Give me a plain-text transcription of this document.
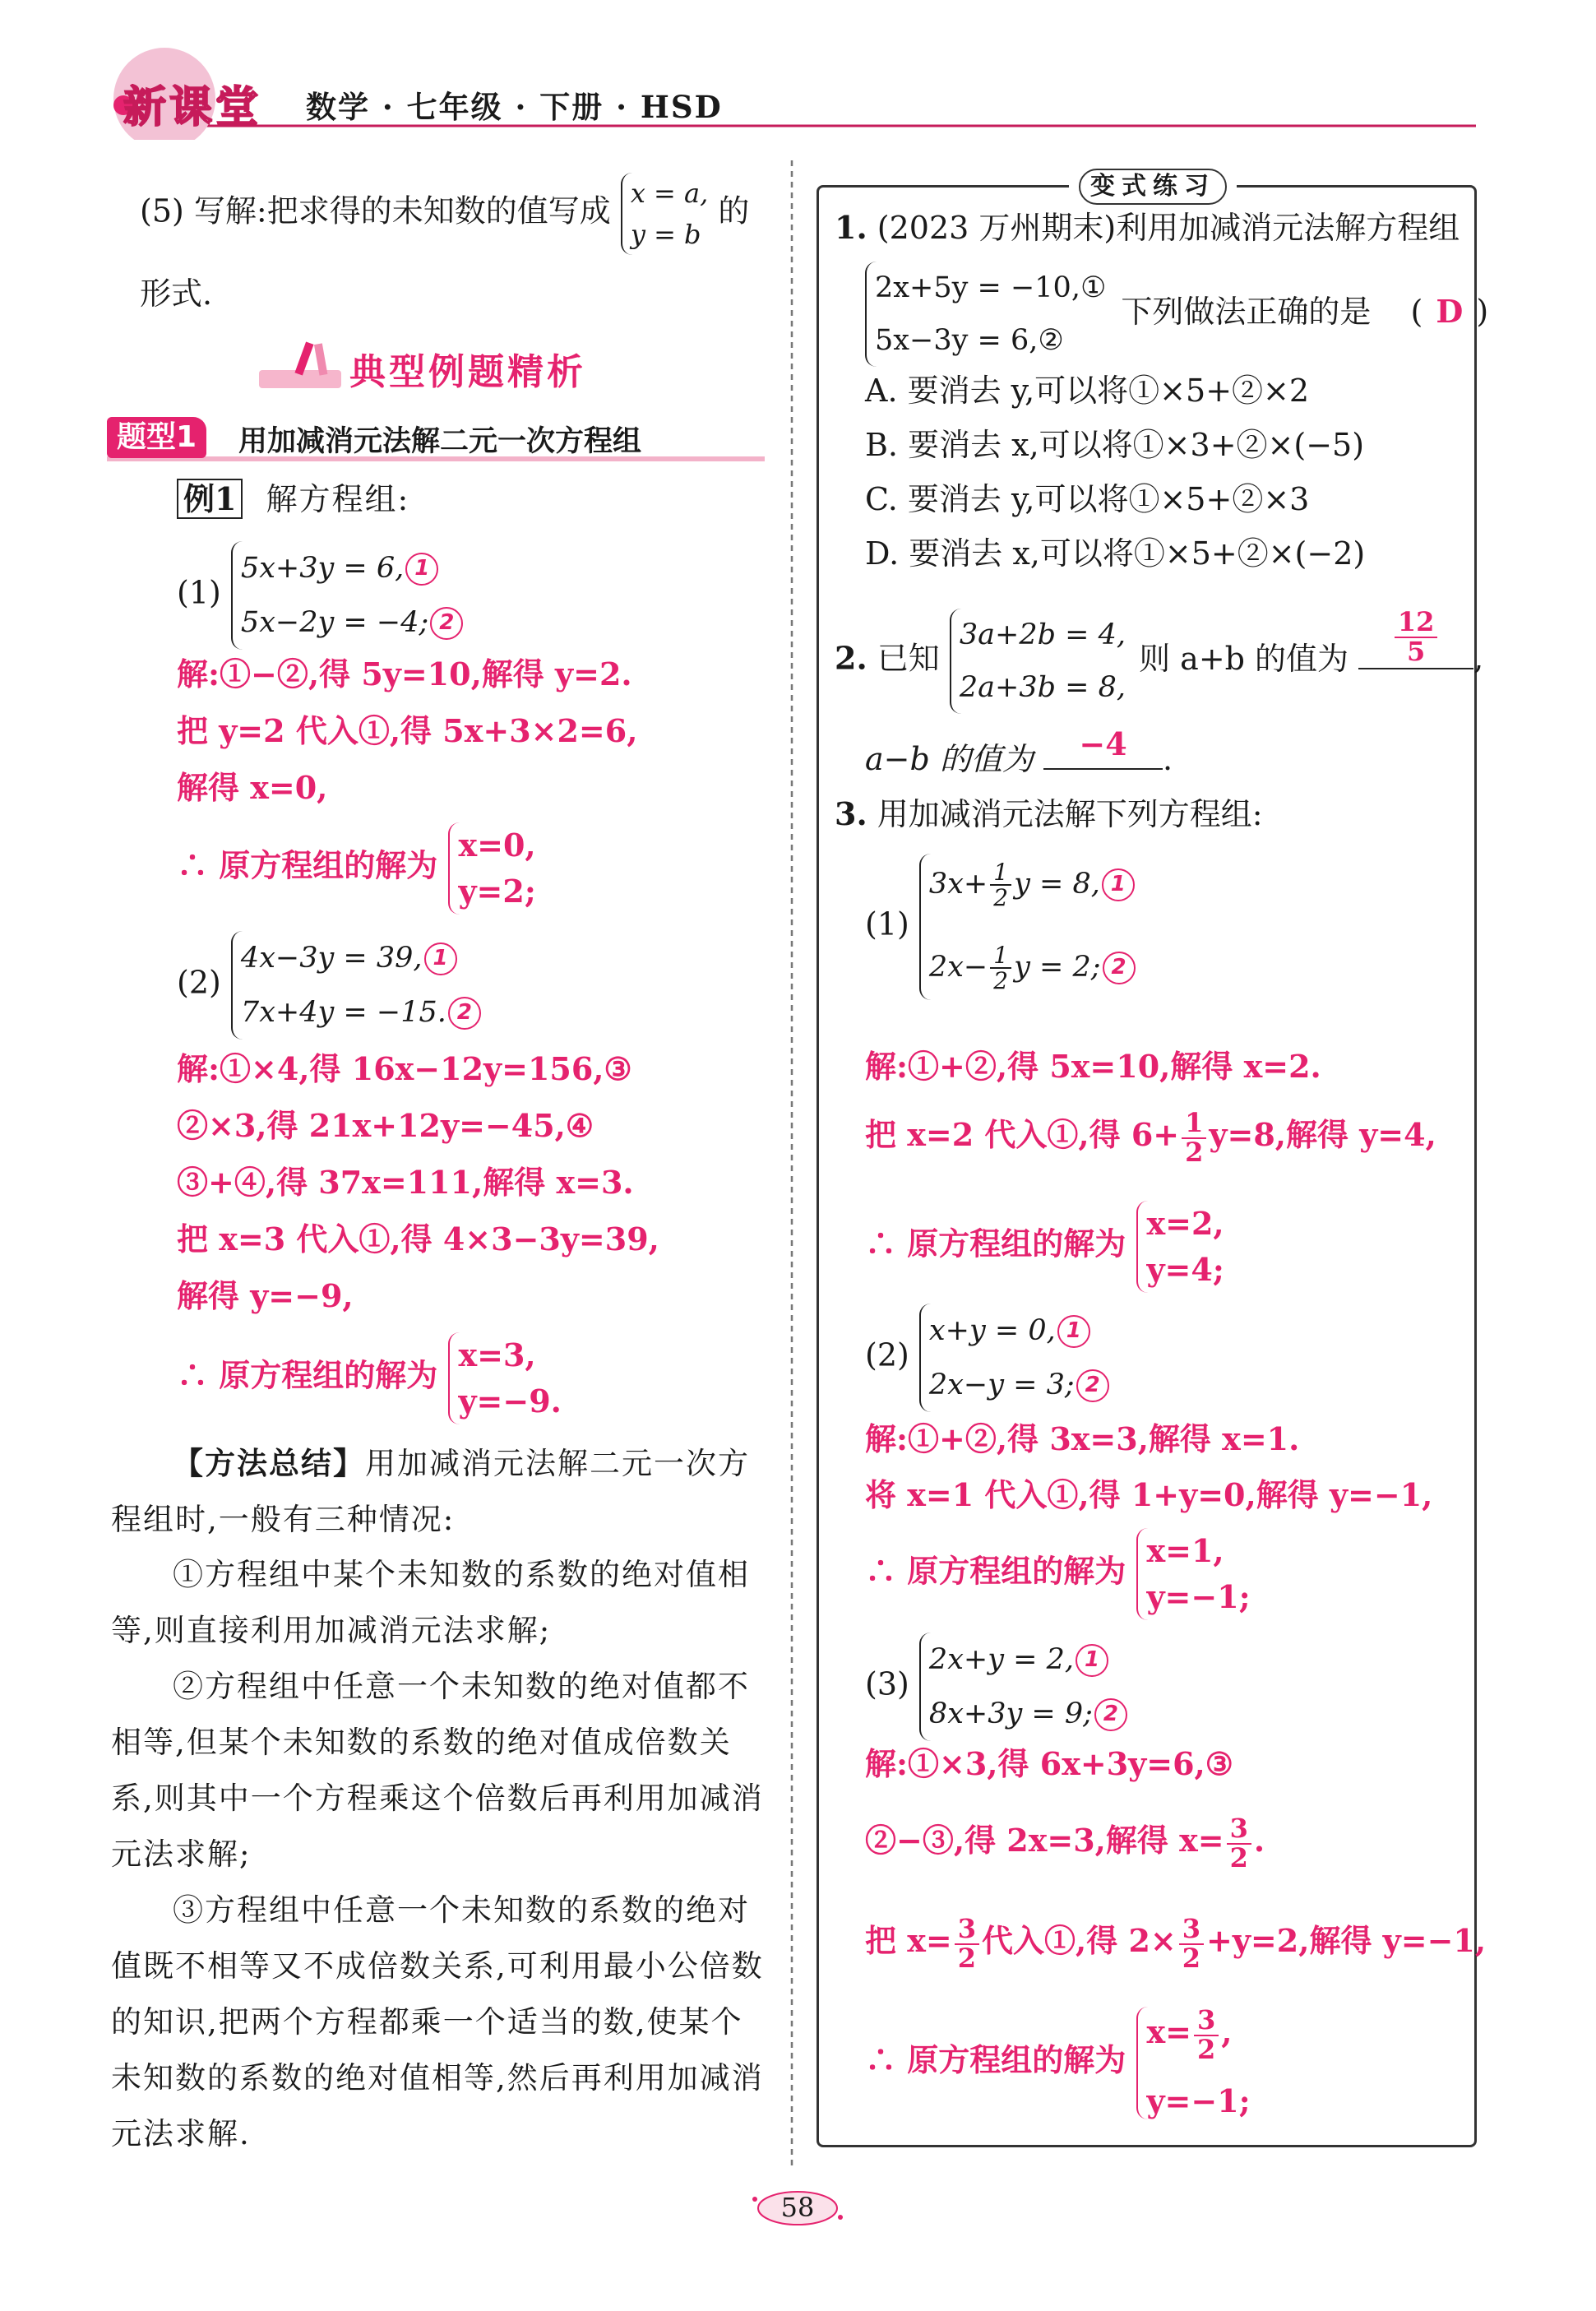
新课堂 数学 · 七年级 · 下册 · HSD
(5) 写解:把求得的未知数的值写成 x = a,
y = b
的
形式.
典型例题精析
题型1	用加减消元法解二元一次方程组
例1 解方程组:
(1)
5x+3y = 6, 1
5x−2y = −4; 2
解:①−②,得 5y=10,解得 y=2.
把 y=2 代入①,得 5x+3×2=6,
解得 x=0,
∴ 原方程组的解为
x=0,
y=2;
(2)
4x−3y = 39, 1
7x+4y = −15. 2
解:①×4,得 16x−12y=156,③
②×3,得 21x+12y=−45,④
③+④,得 37x=111,解得 x=3.
把 x=3 代入①,得 4×3−3y=39,
解得 y=−9,
∴ 原方程组的解为
x=3,
y=−9.
【方法总结】用加减消元法解二元一次方程组时,一般有三种情况:
①方程组中某个未知数的系数的绝对值相等,则直接利用加减消元法求解;
②方程组中任意一个未知数的绝对值都不相等,但某个未知数的系数的绝对值成倍数关系,则其中一个方程乘这个倍数后再利用加减消元法求解;
③方程组中任意一个未知数的系数的绝对值既不相等又不成倍数关系,可利用最小公倍数的知识,把两个方程都乘一个适当的数,使某个未知数的系数的绝对值相等,然后再利用加减消元法求解.
变式练习
1. (2023 万州期末)利用加减消元法解方程组
2x+5y = −10,①
5x−3y = 6,②
下列做法正确的是 ( D )
A. 要消去 y,可以将①×5+②×2
B. 要消去 x,可以将①×3+②×(−5)
C. 要消去 y,可以将①×5+②×3
D. 要消去 x,可以将①×5+②×(−2)
2. 已知
3a+2b = 4,
2a+3b = 8,
则 a+b 的值为 $\frac{12}{5}$ ,
a−b 的值为	−4	.
3. 用加减消元法解下列方程组:
(1)
$3x+ \frac{1}{2}$ y = 8, 1
$2x- \frac{1}{2}$ y = 2; 2
解:①+②,得 5x=10,解得 x=2.
把 x=2 代入①,得 $6+ \frac{1}{2} y=8$,解得 y=4,
∴ 原方程组的解为
x=2,
y=4;
(2)
x+y = 0, 1
2x−y = 3; 2
解:①+②,得 3x=3,解得 x=1.
将 x=1 代入①,得 1+y=0,解得 y=−1,
∴ 原方程组的解为
x=1,
y=−1;
(3)
2x+y = 2, 1
8x+3y = 9; 2
解:①×3,得 6x+3y=6,③
②−③,得 2x=3,解得 $x= \frac{3}{2}$ .
把 $x= \frac{3}{2}$ 代入①,得 $2\times \frac{3}{2} +y=2$,解得 y=−1,
∴ 原方程组的解为
$x= \frac{3}{2}$ ,
y=−1;
58
